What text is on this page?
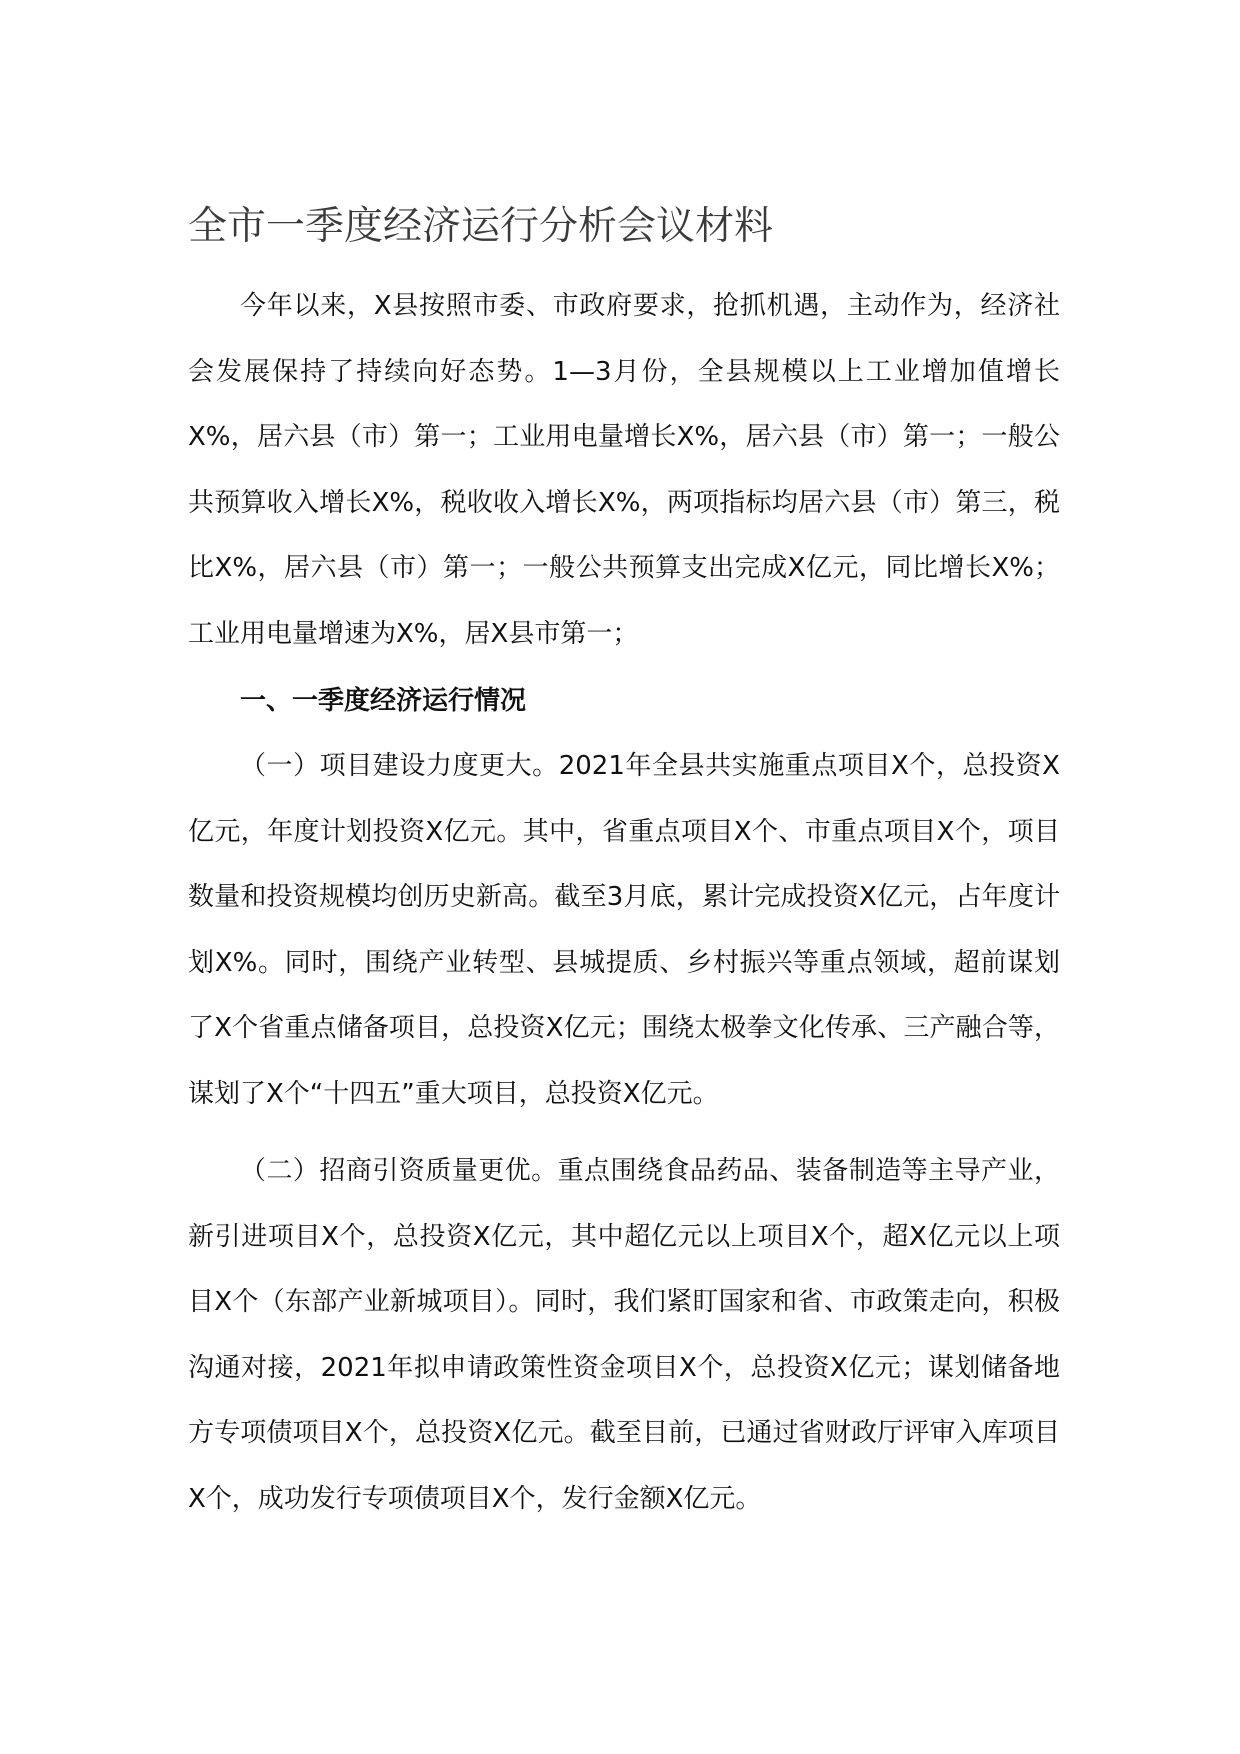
全市一季度经济运行分析会议材料

今年以来，X县按照市委、市政府要求，抢抓机遇，主动作为，经济社会发展保持了持续向好态势。1—3月份，全县规模以上工业增加值增长X%，居六县（市）第一；工业用电量增长X%，居六县（市）第一；一般公共预算收入增长X%，税收收入增长X%，两项指标均居六县（市）第三，税比X%，居六县（市）第一；一般公共预算支出完成X亿元，同比增长X%；工业用电量增速为X%，居X县市第一；

一、一季度经济运行情况

（一）项目建设力度更大。2021年全县共实施重点项目X个，总投资X亿元，年度计划投资X亿元。其中，省重点项目X个、市重点项目X个，项目数量和投资规模均创历史新高。截至3月底，累计完成投资X亿元，占年度计划X%。同时，围绕产业转型、县城提质、乡村振兴等重点领域，超前谋划了X个省重点储备项目，总投资X亿元；围绕太极拳文化传承、三产融合等，谋划了X个“十四五”重大项目，总投资X亿元。

（二）招商引资质量更优。重点围绕食品药品、装备制造等主导产业，新引进项目X个，总投资X亿元，其中超亿元以上项目X个，超X亿元以上项目X个（东部产业新城项目）。同时，我们紧盯国家和省、市政策走向，积极沟通对接，2021年拟申请政策性资金项目X个，总投资X亿元；谋划储备地方专项债项目X个，总投资X亿元。截至目前，已通过省财政厅评审入库项目X个，成功发行专项债项目X个，发行金额X亿元。
